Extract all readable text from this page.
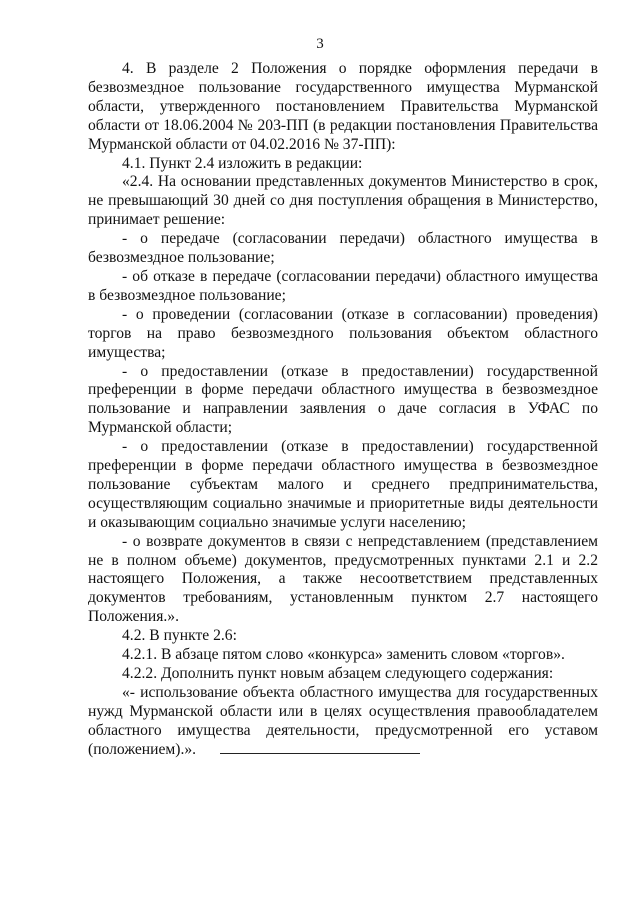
3

4. В разделе 2 Положения о порядке оформления передачи в безвозмездное пользование государственного имущества Мурманской области, утвержденного постановлением Правительства Мурманской области от 18.06.2004 № 203-ПП (в редакции постановления Правительства Мурманской области от 04.02.2016 № 37-ПП):

4.1. Пункт 2.4 изложить в редакции:

«2.4. На основании представленных документов Министерство в срок, не превышающий 30 дней со дня поступления обращения в Министерство, принимает решение:

- о передаче (согласовании передачи) областного имущества в безвозмездное пользование;

- об отказе в передаче (согласовании передачи) областного имущества в безвозмездное пользование;

- о проведении (согласовании (отказе в согласовании) проведения) торгов на право безвозмездного пользования объектом областного имущества;

- о предоставлении (отказе в предоставлении) государственной преференции в форме передачи областного имущества в безвозмездное пользование и направлении заявления о даче согласия в УФАС по Мурманской области;

- о предоставлении (отказе в предоставлении) государственной преференции в форме передачи областного имущества в безвозмездное пользование субъектам малого и среднего предпринимательства, осуществляющим социально значимые и приоритетные виды деятельности и оказывающим социально значимые услуги населению;

- о возврате документов в связи с непредставлением (представлением не в полном объеме) документов, предусмотренных пунктами 2.1 и 2.2 настоящего Положения, а также несоответствием представленных документов требованиям, установленным пунктом 2.7 настоящего Положения.».

4.2. В пункте 2.6:

4.2.1. В абзаце пятом слово «конкурса» заменить словом «торгов».

4.2.2. Дополнить пункт новым абзацем следующего содержания:

«- использование объекта областного имущества для государственных нужд Мурманской области или в целях осуществления правообладателем областного имущества деятельности, предусмотренной его уставом (положением).».
